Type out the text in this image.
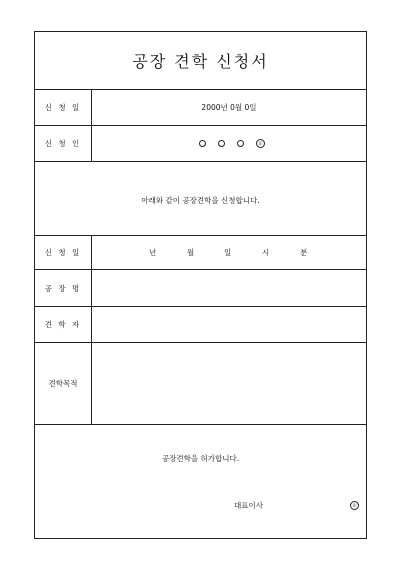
공장 견학 신청서
신 청 일	2000년 0월 0일
신 청 인	印
아래와 같이 공장견학을 신청합니다.
신 청 일	년	월	일	시	분
공 장 명
견 학 자
견학목적
공장견학을 허가합니다.
대표이사	印
